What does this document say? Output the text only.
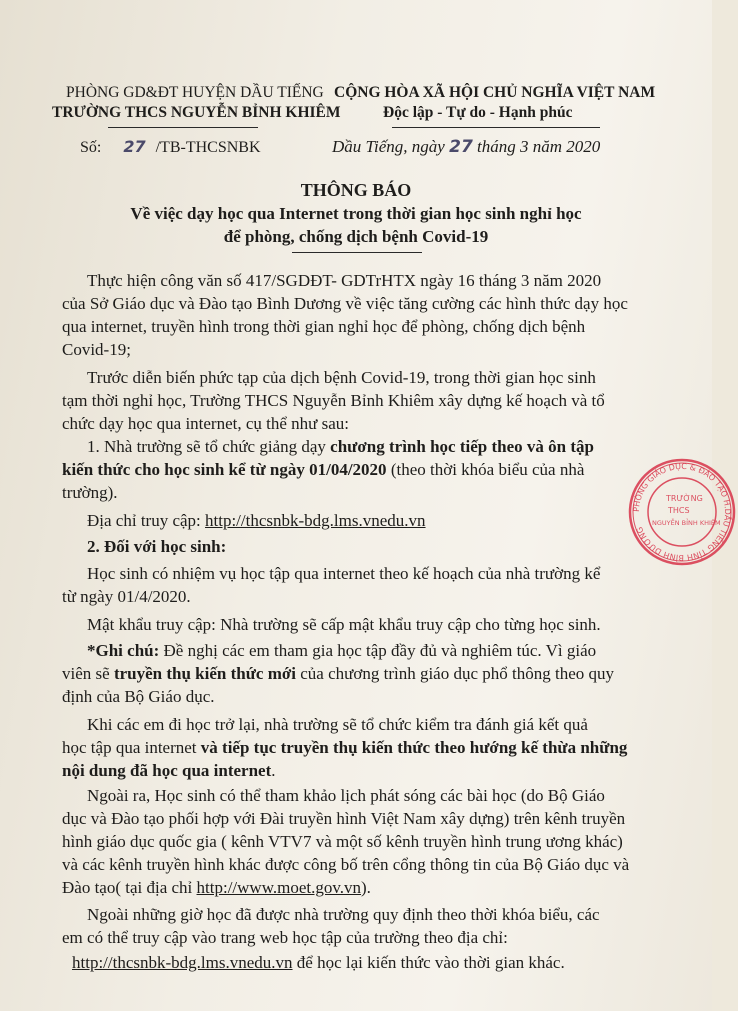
PHÒNG GD&ĐT HUYỆN DẦU TIẾNG
TRƯỜNG THCS NGUYỄN BỈNH KHIÊM
CỘNG HÒA XÃ HỘI CHỦ NGHĨA VIỆT NAM
Độc lập - Tự do - Hạnh phúc
Số: 27 /TB-THCSNBK	Dầu Tiếng, ngày 27 tháng 3 năm 2020
THÔNG BÁO
Về việc dạy học qua Internet trong thời gian học sinh nghỉ học
để phòng, chống dịch bệnh Covid-19
Thực hiện công văn số 417/SGDĐT- GDTrHTX ngày 16 tháng 3 năm 2020
của Sở Giáo dục và Đào tạo Bình Dương về việc tăng cường các hình thức dạy học
qua internet, truyền hình trong thời gian nghỉ học để phòng, chống dịch bệnh
Covid-19;
Trước diễn biến phức tạp của dịch bệnh Covid-19, trong thời gian học sinh
tạm thời nghỉ học, Trường THCS Nguyễn Bỉnh Khiêm xây dựng kế hoạch và tổ
chức dạy học qua internet, cụ thể như sau:
1. Nhà trường sẽ tổ chức giảng dạy chương trình học tiếp theo và ôn tập
kiến thức cho học sinh kể từ ngày 01/04/2020 (theo thời khóa biểu của nhà
trường).
Địa chỉ truy cập: http://thcsnbk-bdg.lms.vnedu.vn
2. Đối với học sinh:
Học sinh có nhiệm vụ học tập qua internet theo kế hoạch của nhà trường kể
từ ngày 01/4/2020.
Mật khẩu truy cập: Nhà trường sẽ cấp mật khẩu truy cập cho từng học sinh.
*Ghi chú: Đề nghị các em tham gia học tập đầy đủ và nghiêm túc. Vì giáo
viên sẽ truyền thụ kiến thức mới của chương trình giáo dục phổ thông theo quy
định của Bộ Giáo dục.
Khi các em đi học trở lại, nhà trường sẽ tổ chức kiểm tra đánh giá kết quả
học tập qua internet và tiếp tục truyền thụ kiến thức theo hướng kế thừa những
nội dung đã học qua internet.
Ngoài ra, Học sinh có thể tham khảo lịch phát sóng các bài học (do Bộ Giáo
dục và Đào tạo phối hợp với Đài truyền hình Việt Nam xây dựng) trên kênh truyền
hình giáo dục quốc gia ( kênh VTV7 và một số kênh truyền hình trung ương khác)
và các kênh truyền hình khác được công bố trên cổng thông tin của Bộ Giáo dục và
Đào tạo( tại địa chỉ http://www.moet.gov.vn).
Ngoài những giờ học đã được nhà trường quy định theo thời khóa biểu, các
em có thể truy cập vào trang web học tập của trường theo địa chỉ:
http://thcsnbk-bdg.lms.vnedu.vn để học lại kiến thức vào thời gian khác.
PHÒNG GIÁO DỤC & ĐÀO TẠO H.DẦU TIẾNG TỈNH BÌNH DƯƠNG
TRƯỜNG
THCS
NGUYỄN BỈNH KHIÊM
